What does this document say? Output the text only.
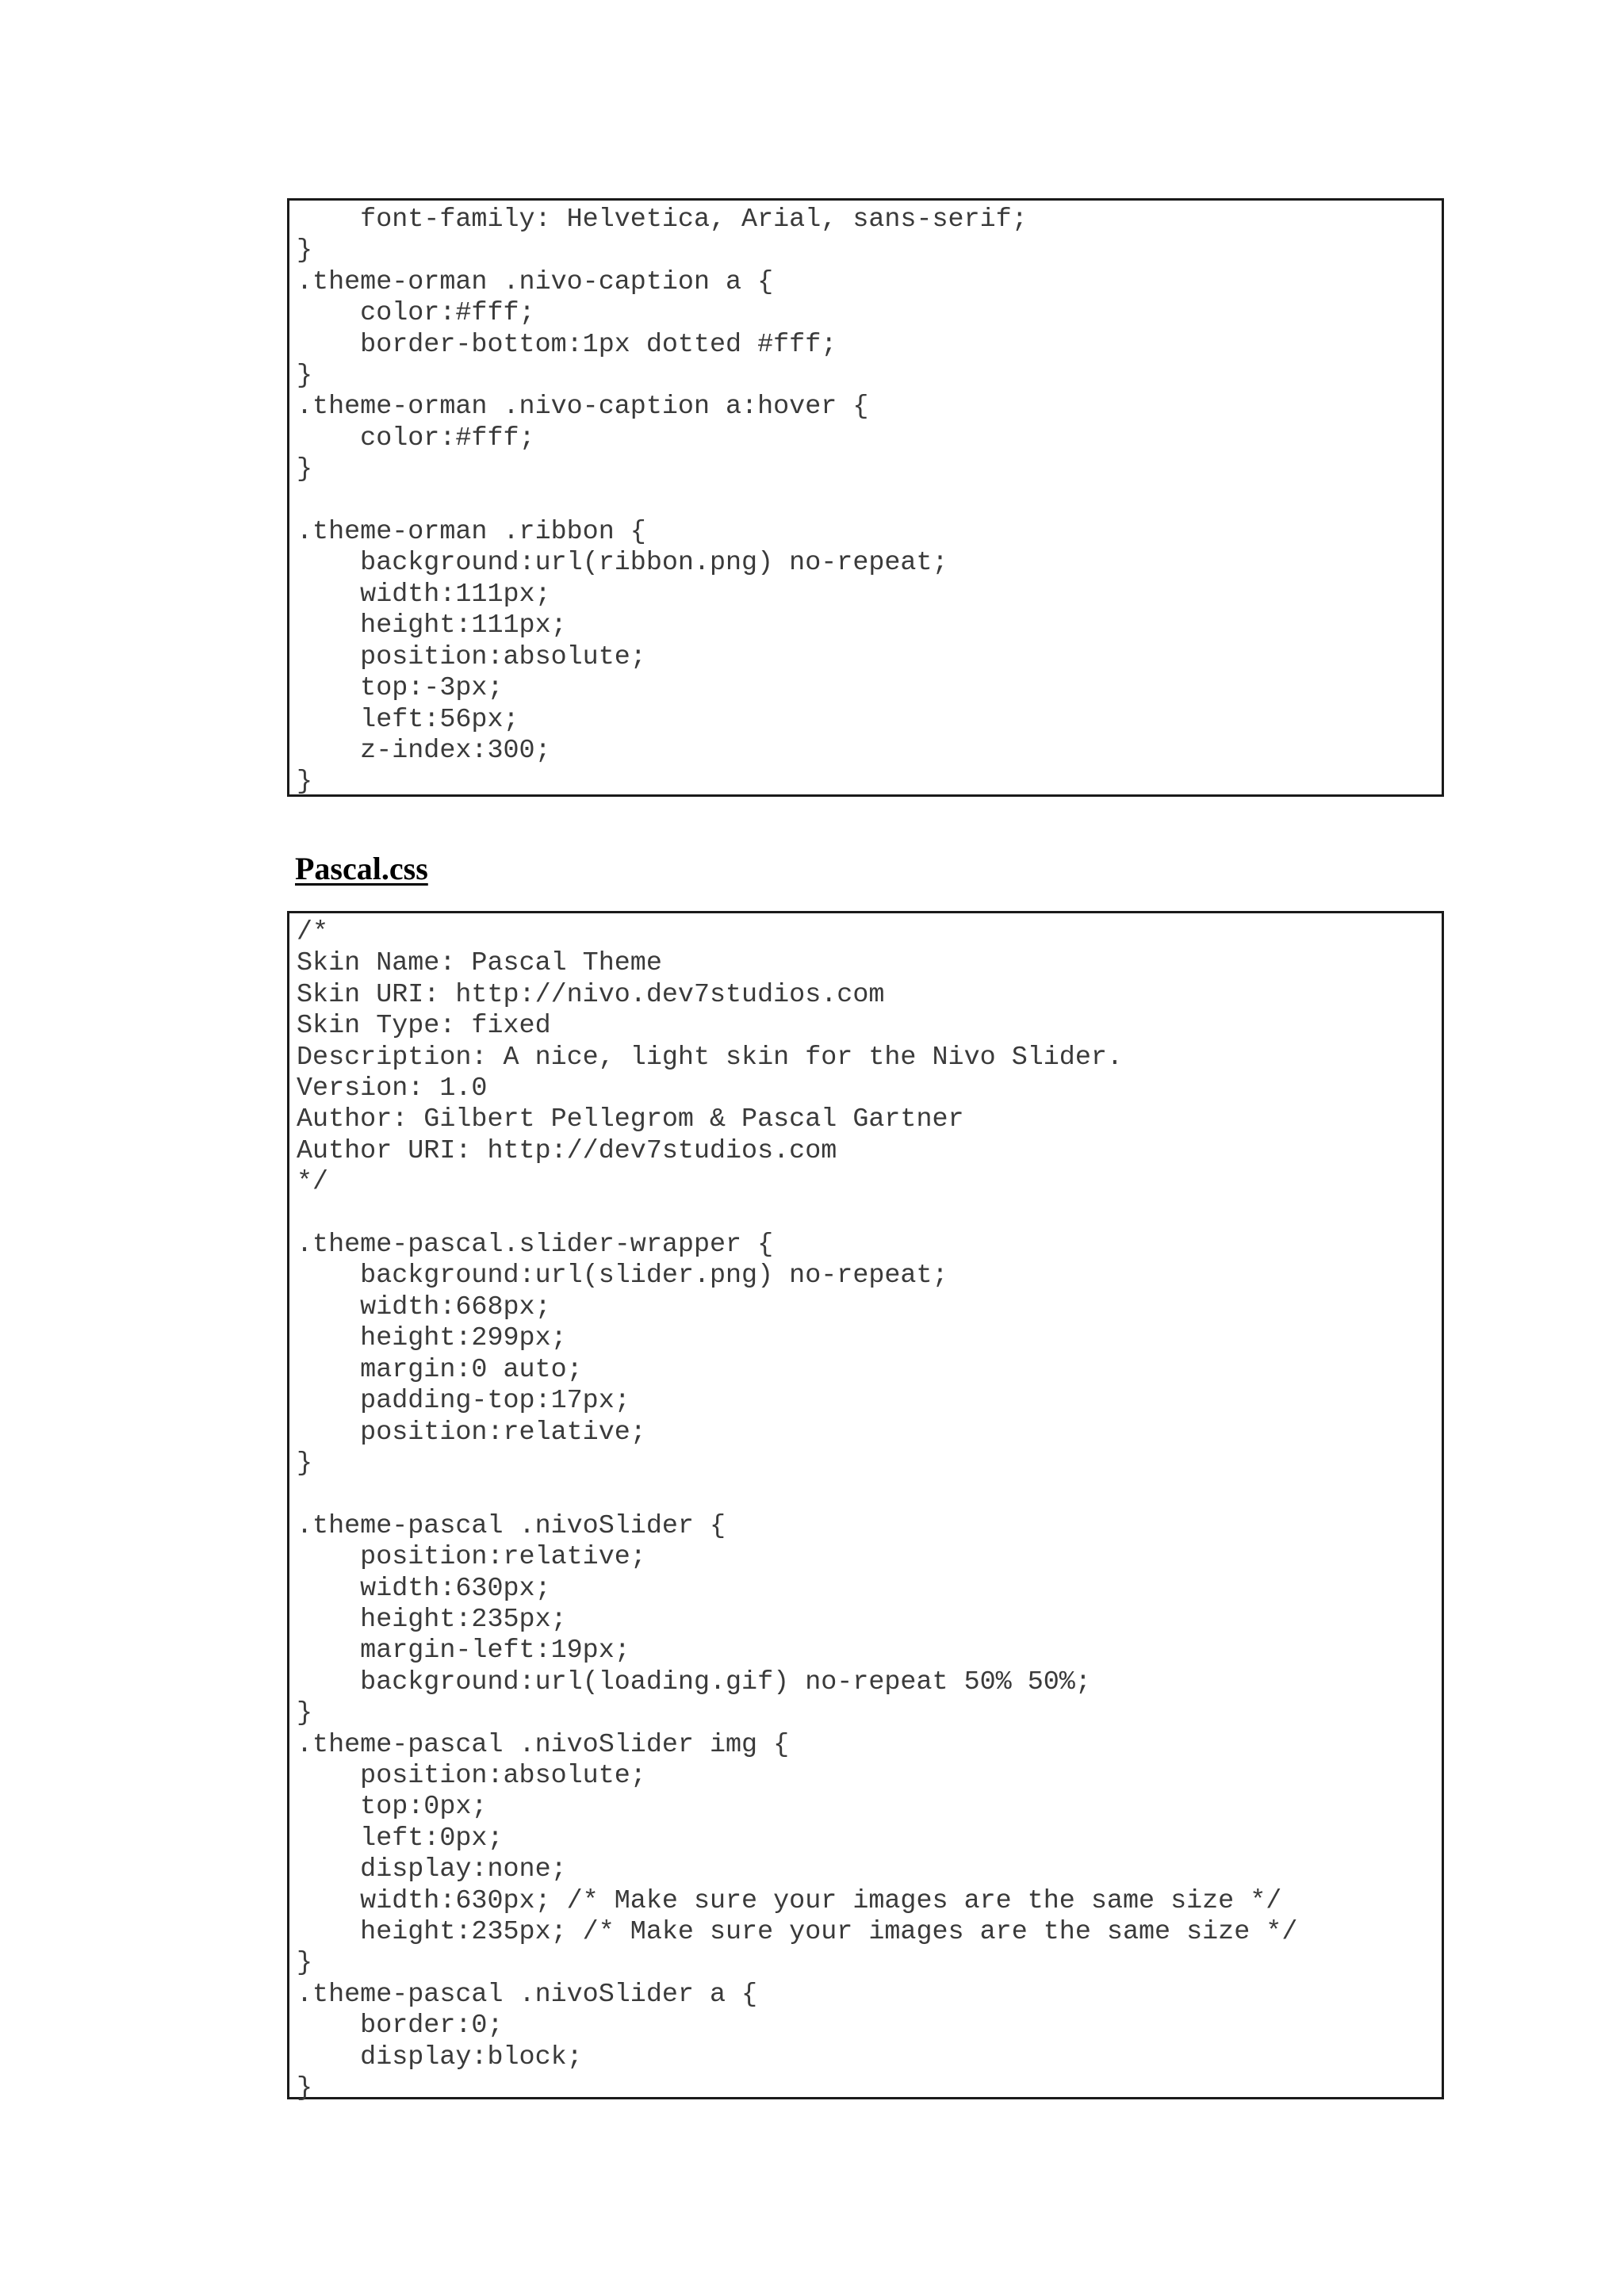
font-family: Helvetica, Arial, sans-serif;
}
.theme-orman .nivo-caption a {
color:#fff;
border-bottom:1px dotted #fff;
}
.theme-orman .nivo-caption a:hover {
color:#fff;
}

.theme-orman .ribbon {
background:url(ribbon.png) no-repeat;
width:111px;
height:111px;
position:absolute;
top:-3px;
left:56px;
z-index:300;
}

Pascal.css
/*
Skin Name: Pascal Theme
Skin URI: http://nivo.dev7studios.com
Skin Type: fixed
Description: A nice, light skin for the Nivo Slider.
Version: 1.0
Author: Gilbert Pellegrom & Pascal Gartner
Author URI: http://dev7studios.com
*/

.theme-pascal.slider-wrapper {
background:url(slider.png) no-repeat;
width:668px;
height:299px;
margin:0 auto;
padding-top:17px;
position:relative;
}

.theme-pascal .nivoSlider {
position:relative;
width:630px;
height:235px;
margin-left:19px;
background:url(loading.gif) no-repeat 50% 50%;
}
.theme-pascal .nivoSlider img {
position:absolute;
top:0px;
left:0px;
display:none;
width:630px; /* Make sure your images are the same size */
height:235px; /* Make sure your images are the same size */
}
.theme-pascal .nivoSlider a {
border:0;
display:block;
}
